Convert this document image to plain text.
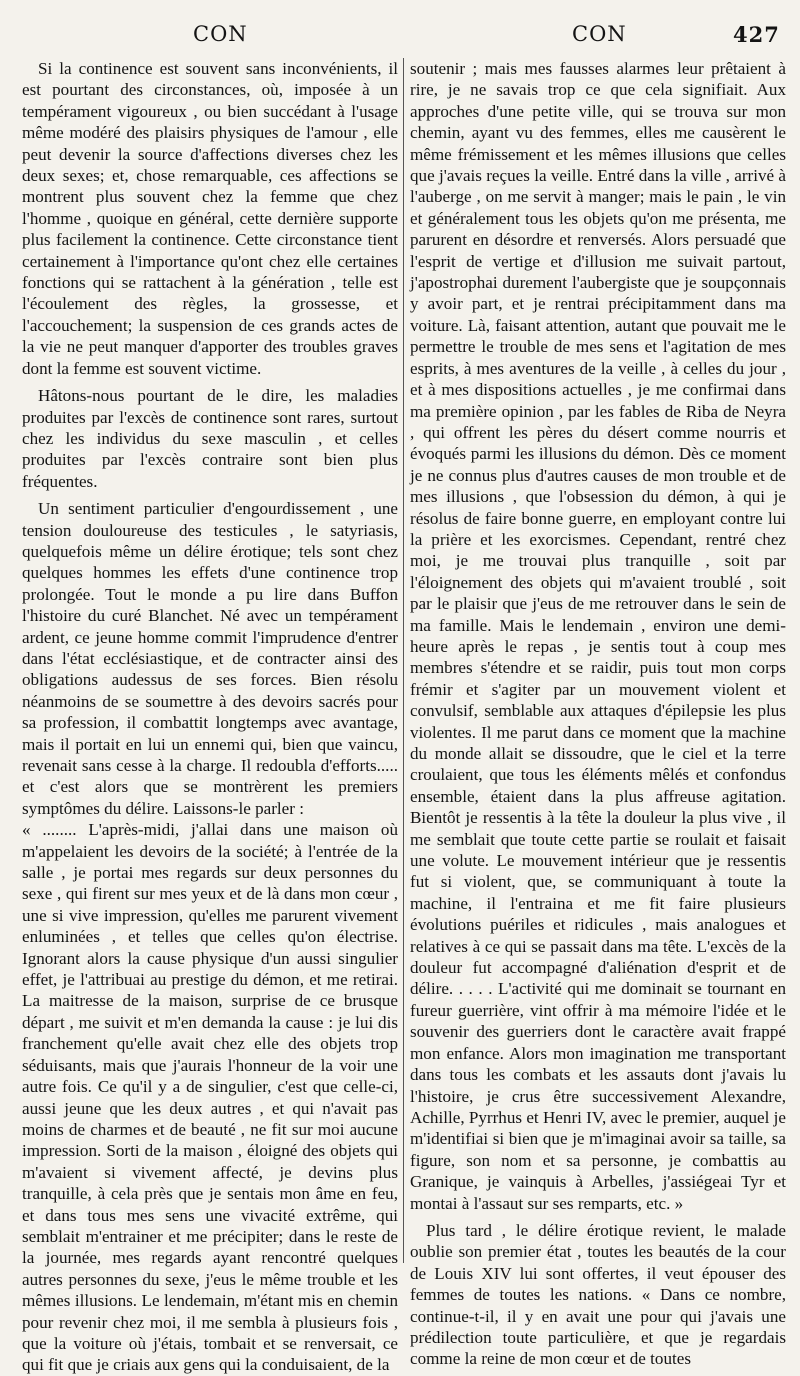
CON	CON	427

Si la continence est souvent sans inconvénients, il est pourtant des circonstances, où, imposée à un tempérament vigoureux , ou bien succédant à l'usage même modéré des plaisirs physiques de l'amour , elle peut devenir la source d'affections diverses chez les deux sexes; et, chose remarquable, ces affections se montrent plus souvent chez la femme que chez l'homme , quoique en général, cette dernière supporte plus facilement la continence. Cette circonstance tient certainement à l'importance qu'ont chez elle certaines fonctions qui se rattachent à la génération , telle est l'écoulement des règles, la grossesse, et l'accouchement; la suspension de ces grands actes de la vie ne peut manquer d'apporter des troubles graves dont la femme est souvent victime.

Hâtons-nous pourtant de le dire, les maladies produites par l'excès de continence sont rares, surtout chez les individus du sexe masculin , et celles produites par l'excès contraire sont bien plus fréquentes.

Un sentiment particulier d'engourdissement , une tension douloureuse des testicules , le satyriasis, quelquefois même un délire érotique; tels sont chez quelques hommes les effets d'une continence trop prolongée. Tout le monde a pu lire dans Buffon l'histoire du curé Blanchet. Né avec un tempérament ardent, ce jeune homme commit l'imprudence d'entrer dans l'état ecclésiastique, et de contracter ainsi des obligations audessus de ses forces. Bien résolu néanmoins de se soumettre à des devoirs sacrés pour sa profession, il combattit longtemps avec avantage, mais il portait en lui un ennemi qui, bien que vaincu, revenait sans cesse à la charge. Il redoubla d'efforts..... et c'est alors que se montrèrent les premiers symptômes du délire. Laissons-le parler :

« ........ L'après-midi, j'allai dans une maison où m'appelaient les devoirs de la société; à l'entrée de la salle , je portai mes regards sur deux personnes du sexe , qui firent sur mes yeux et de là dans mon cœur , une si vive impression, qu'elles me parurent vivement enluminées , et telles que celles qu'on électrise. Ignorant alors la cause physique d'un aussi singulier effet, je l'attribuai au prestige du démon, et me retirai. La maitresse de la maison, surprise de ce brusque départ , me suivit et m'en demanda la cause : je lui dis franchement qu'elle avait chez elle des objets trop séduisants, mais que j'aurais l'honneur de la voir une autre fois. Ce qu'il y a de singulier, c'est que celle-ci, aussi jeune que les deux autres , et qui n'avait pas moins de charmes et de beauté , ne fit sur moi aucune impression. Sorti de la maison , éloigné des objets qui m'avaient si vivement affecté, je devins plus tranquille, à cela près que je sentais mon âme en feu, et dans tous mes sens une vivacité extrême, qui semblait m'entrainer et me précipiter; dans le reste de la journée, mes regards ayant rencontré quelques autres personnes du sexe, j'eus le même trouble et les mêmes illusions. Le lendemain, m'étant mis en chemin pour revenir chez moi, il me sembla à plusieurs fois , que la voiture où j'étais, tombait et se renversait, ce qui fit que je criais aux gens qui la conduisaient, de la

soutenir ; mais mes fausses alarmes leur prêtaient à rire, je ne savais trop ce que cela signifiait. Aux approches d'une petite ville, qui se trouva sur mon chemin, ayant vu des femmes, elles me causèrent le même frémissement et les mêmes illusions que celles que j'avais reçues la veille. Entré dans la ville , arrivé à l'auberge , on me servit à manger; mais le pain , le vin et généralement tous les objets qu'on me présenta, me parurent en désordre et renversés. Alors persuadé que l'esprit de vertige et d'illusion me suivait partout, j'apostrophai durement l'aubergiste que je soupçonnais y avoir part, et je rentrai précipitamment dans ma voiture. Là, faisant attention, autant que pouvait me le permettre le trouble de mes sens et l'agitation de mes esprits, à mes aventures de la veille , à celles du jour , et à mes dispositions actuelles , je me confirmai dans ma première opinion , par les fables de Riba de Neyra , qui offrent les pères du désert comme nourris et évoqués parmi les illusions du démon. Dès ce moment je ne connus plus d'autres causes de mon trouble et de mes illusions , que l'obsession du démon, à qui je résolus de faire bonne guerre, en employant contre lui la prière et les exorcismes. Cependant, rentré chez moi, je me trouvai plus tranquille , soit par l'éloignement des objets qui m'avaient troublé , soit par le plaisir que j'eus de me retrouver dans le sein de ma famille. Mais le lendemain , environ une demi-heure après le repas , je sentis tout à coup mes membres s'étendre et se raidir, puis tout mon corps frémir et s'agiter par un mouvement violent et convulsif, semblable aux attaques d'épilepsie les plus violentes. Il me parut dans ce moment que la machine du monde allait se dissoudre, que le ciel et la terre croulaient, que tous les éléments mêlés et confondus ensemble, étaient dans la plus affreuse agitation. Bientôt je ressentis à la tête la douleur la plus vive , il me semblait que toute cette partie se roulait et faisait une volute. Le mouvement intérieur que je ressentis fut si violent, que, se communiquant à toute la machine, il l'entraina et me fit faire plusieurs évolutions puériles et ridicules , mais analogues et relatives à ce qui se passait dans ma tête. L'excès de la douleur fut accompagné d'aliénation d'esprit et de délire. . . . . L'activité qui me dominait se tournant en fureur guerrière, vint offrir à ma mémoire l'idée et le souvenir des guerriers dont le caractère avait frappé mon enfance. Alors mon imagination me transportant dans tous les combats et les assauts dont j'avais lu l'histoire, je crus être successivement Alexandre, Achille, Pyrrhus et Henri IV, avec le premier, auquel je m'identifiai si bien que je m'imaginai avoir sa taille, sa figure, son nom et sa personne, je combattis au Granique, je vainquis à Arbelles, j'assiégeai Tyr et montai à l'assaut sur ses remparts, etc. »

Plus tard , le délire érotique revient, le malade oublie son premier état , toutes les beautés de la cour de Louis XIV lui sont offertes, il veut épouser des femmes de toutes les nations. « Dans ce nombre, continue-t-il, il y en avait une pour qui j'avais une prédilection toute particulière, et que je regardais comme la reine de mon cœur et de toutes
